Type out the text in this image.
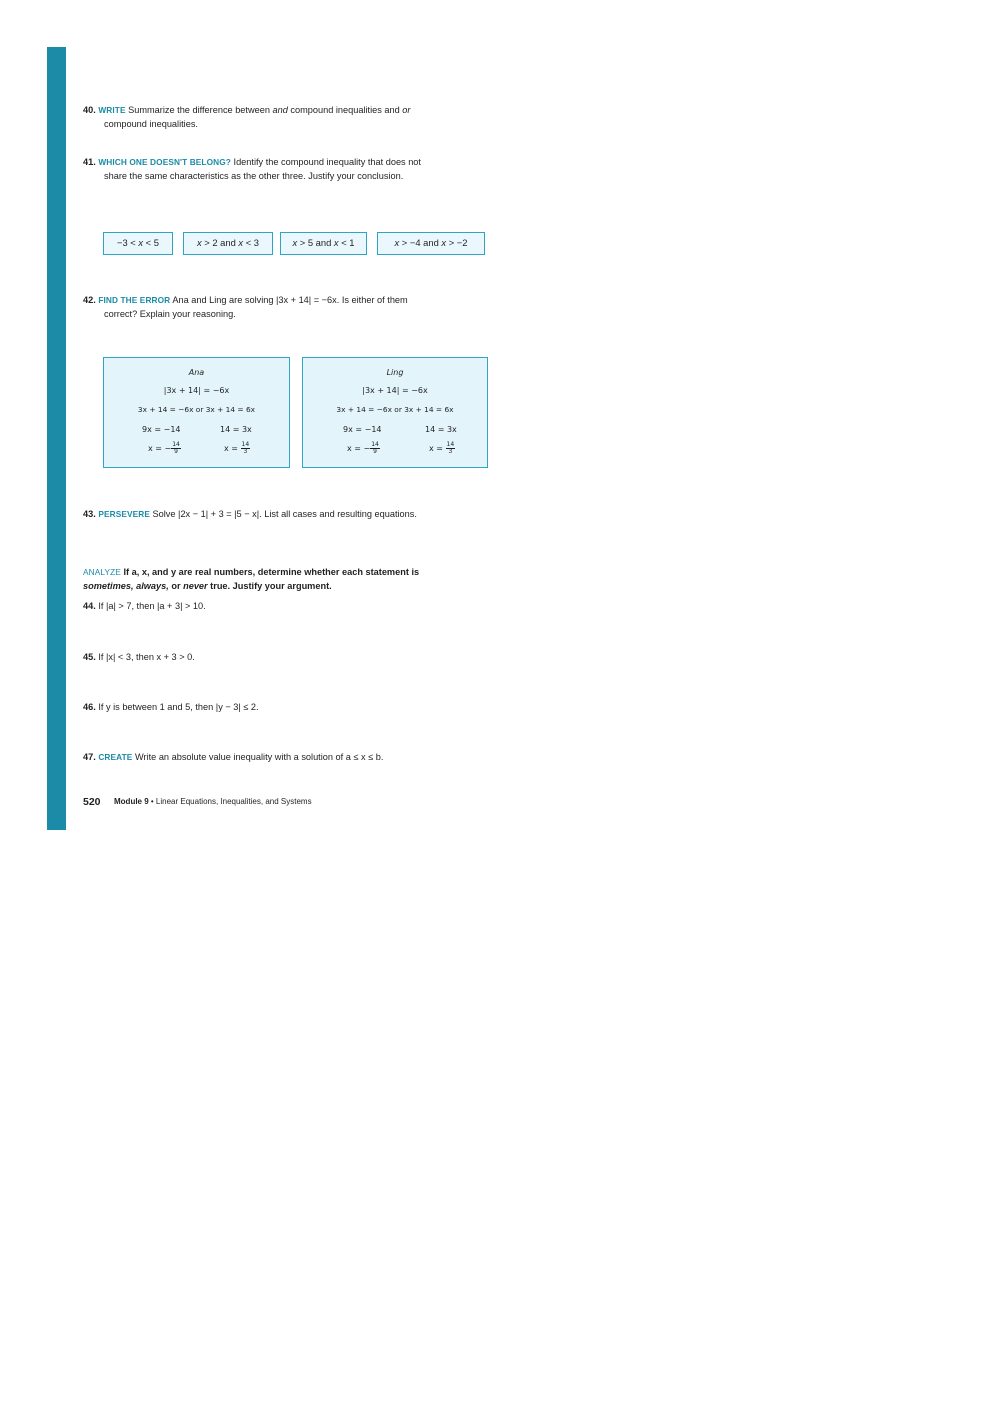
40. WRITE Summarize the difference between and compound inequalities and or
compound inequalities.
41. WHICH ONE DOESN'T BELONG? Identify the compound inequality that does not
share the same characteristics as the other three. Justify your conclusion.
−3 < x < 5	x > 2 and x < 3	x > 5 and x < 1	x > −4 and x > −2
42. FIND THE ERROR Ana and Ling are solving |3x + 14| = −6x. Is either of them
correct? Explain your reasoning.
Ana
|3x + 14| = −6x
3x + 14 = −6x or 3x + 14 = 6x
9x = −14	14 = 3x
x = − $\frac{14}{9}$	$x = \frac{14}{3}$
Ling
|3x + 14| = −6x
3x + 14 = −6x or 3x + 14 = 6x
9x = −14	14 = 3x
x = − $\frac{14}{9}$	$x = \frac{14}{3}$
43. PERSEVERE Solve |2x − 1| + 3 = |5 − x|. List all cases and resulting equations.
ANALYZE If a, x, and y are real numbers, determine whether each statement is
sometimes, always, or never true. Justify your argument.
44. If |a| > 7, then |a + 3| > 10.
45. If |x| < 3, then x + 3 > 0.
46. If y is between 1 and 5, then |y − 3| ≤ 2.
47. CREATE Write an absolute value inequality with a solution of a ≤ x ≤ b.
520 Module 9 • Linear Equations, Inequalities, and Systems
